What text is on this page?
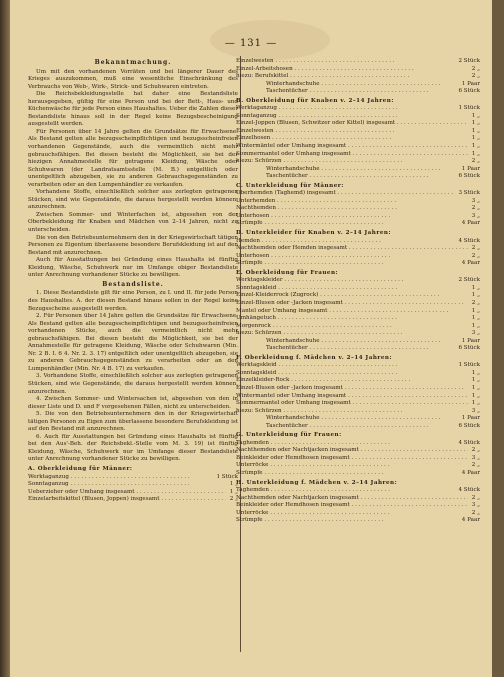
— 131 —
Bekanntmachung.

Um mit den vorhandenen Vorräten und bei längerer Dauer des Krieges auszukommen, muß eine wesentliche Einschränkung des Verbrauchs von Web-, Wirk-, Strick- und Schuhwaren eintreten.

Die Reichsbekleidungsstelle hat daher eine Bestandsliste herausgegeben, gültig für eine Person und bei der Bett-, Haus- und Küchenwäsche für jede Person eines Haushaltes. Ueber die Zahlen dieser Bestandsliste hinaus soll in der Regel keine Bezugsbescheinigung ausgestellt werden.

Für Personen über 14 Jahre gelten die Grundsätze für Erwachsene. Als Bestand gelten alle bezugsscheinpflichtigen und bezugsscheinfreien vorhandenen Gegenstände, auch die vermeintlich nicht mehr gebrauchsfähigen. Bei diesen besteht die Möglichkeit, sie bei der hiezigen Annahmestelle für getragene Kleidung, Wäsche oder Schuhwaren (der Landratsamtsstelle (M. B.) entgeltlich oder unentgeltlich abzugeben, sie zu anderen Gebrauchsgegenständen zu verarbeiten oder an den Lumpenhändler zu verkaufen.

Vorhandene Stoffe, einschließlich solcher aus zerlegten getragenen Stücken, sind wie Gegenstände, die daraus hergestellt werden können, anzurechnen.

Zwischen Sommer- und Winterfachen ist, abgesehen von der Oberbekleidung für Knaben und Mädchen von 2–14 Jahren, nicht zu unterscheiden.

Die von den Betriebsunternehmern den in der Kriegswirtschaft tätigen Personen zu Eigentum überlassene besondere Berufskleidung ist auf den Bestand mit anzurechnen.

Auch für Ausstattungen bei Gründung eines Haushalts ist fünftig Kleidung, Wäsche, Schuhwerk nur im Umfange obiger Bestandsliste unter Anrechnung vorhandener Stücke zu bewilligen.

Bestandsliste.

1. Diese Bestandsliste gilt für eine Person, zu I. und II. für jede Person des Haushaltes. A. der diesen Bestand hinaus sollen in der Regel keine Bezugsscheine ausgestellt werden.

2. Für Personen über 14 Jahre gelten die Grundsätze für Erwachsene. Als Bestand gelten alle bezugsscheinpflichtigen und bezugsscheinfreien vorhandenen Stücke, auch die vermeintlich nicht mehr gebrauchsfähigen. Bei diesen besteht die Möglichkeit, sie bei der Annahmestelle für getragene Kleidung, Wäsche oder Schuhwaren (Min. Nr. 2 B. I. 6 4. Nr. 2. 3. 17) entgeltlich oder unentgeltlich abzugeben, sie zu anderen Gebrauchsgegenständen zu verarbeiten oder an den Lumpenhändler (Min. Nr. 4 B. 17) zu verkaufen.

3. Vorhandene Stoffe, einschließlich solcher aus zerlegten getragenen Stücken, sind wie Gegenstände, die daraus hergestellt werden können, anzurechnen.

4. Zwischen Sommer- und Wintersachen ist, abgesehen von den in dieser Liste und D. und F vorgesehenen Fällen, nicht zu unterscheiden.

5. Die von den Betriebsunternehmern den in der Kriegswirtschaft tätigen Personen zu Eigen zum überlassene besondere Berufskleidung ist auf den Bestand mit anzurechnen.

6. Auch für Ausstattungen bei Gründung eines Haushalts ist fünftig bei den Aus'-Beh. der Reichsbekl.-Stelle vom M. 3. 19) ist fünftig Kleidung, Wäsche, Schuhwerk nur im Umfange dieser Bestandsliste unter Anrechnung vorhandener Stücke zu bewilligen.

A. Oberkleidung für Männer:
Werktaganzug . . .	1 Stück
Sonntaganzug . . .	1 „
Ueberzieher oder Umhang insgesamt . . .	1 „
Einzelarbeitskittel (Blusen, Joppen) insgesamt . . .	2 „
Einzelwesten . . .	2 Stück
Einzel-Arbeitshosen . . .	2 „
hiezu: Berufskittel . . .	2 „
Winterhandschuhe . . .	1 Paar
Taschentücher . . .	6 Stück
B. Oberkleidung für Knaben v. 2–14 Jahren:
Werktaganzug . . .	1 Stück
Sonntaganzug . . .	1 „
Einzel-Joppen (Blusen, Schwitzer oder Kittel) insgesamt . . .	1 „
Einzelwesten . . .	1 „
Einzelhosen . . .	1 „
Wintermäntel oder Umhang insgesamt . . .	1 „
Sommermantel oder Umhang insgesamt . . .	1 „
hiezu: Schürzen . . .	2 „
Winterhandschuhe . . .	1 Paar
Taschentücher . . .	6 Stück
C. Unterkleidung für Männer:
Oberhemden (Taghemd) insgesamt . . .	3 Stück
Unterhemden . . .	3 „
Nachthemden . . .	2 „
Unterhosen . . .	3 „
Strümpfe . . .	4 Paar
D. Unterkleider für Knaben v. 2–14 Jahren:
Hemden . . .	4 Stück
Nachthemden oder Hemden insgesamt . . .	2 „
Unterhosen . . .	2 „
Strümpfe . . .	4 Paar
E. Oberkleidung für Frauen:
Werktagskleider . . .	2 Stück
Sonntagskleid . . .	1 „
Einzel-Kleiderrock (Zugrock) . . .	1 „
Einzel-Blusen oder -Jacken insgesamt . . .	2 „
Mantel oder Umhang insgesamt . . .	1 „
Umhängetuch . . .	1 „
Morgenrock . . .	1 „
hiezu: Schürzen . . .	3 „
Winterhandschuhe . . .	1 Paar
Taschentücher . . .	6 Stück
F. Oberkleidung f. Mädchen v. 2–14 Jahren:
Werktagskleid . . .	1 Stück
Sonntagskleid . . .	1 „
Einzelkleider-Rock . . .	1 „
Einzel-Blusen oder -Jacken insgesamt . . .	1 „
Wintermantel oder Umhang insgesamt . . .	1 „
Sommermantel oder Umhang insgesamt . . .	1 „
hiezu: Schürzen . . .	3 „
Winterhandschuhe . . .	1 Paar
Taschentücher . . .	6 Stück
G. Unterkleidung für Frauen:
Taghemden . . .	4 Stück
Nachthemden oder Nachtjacken insgesamt . . .	2 „
Beinkleider oder Hemdhosen insgesamt . . .	3 „
Unterröcke . . .	2 „
Strümpfe . . .	4 Paar
H. Unterkleidung f. Mädchen v. 2–14 Jahren:
Taghemden . . .	4 Stück
Nachthemden oder Nachtjacken insgesamt . . .	2 „
Beinkleider oder Hemdhosen insgesamt . . .	3 „
Unterröcke . . .	2 „
Strümpfe . . .	4 Paar
